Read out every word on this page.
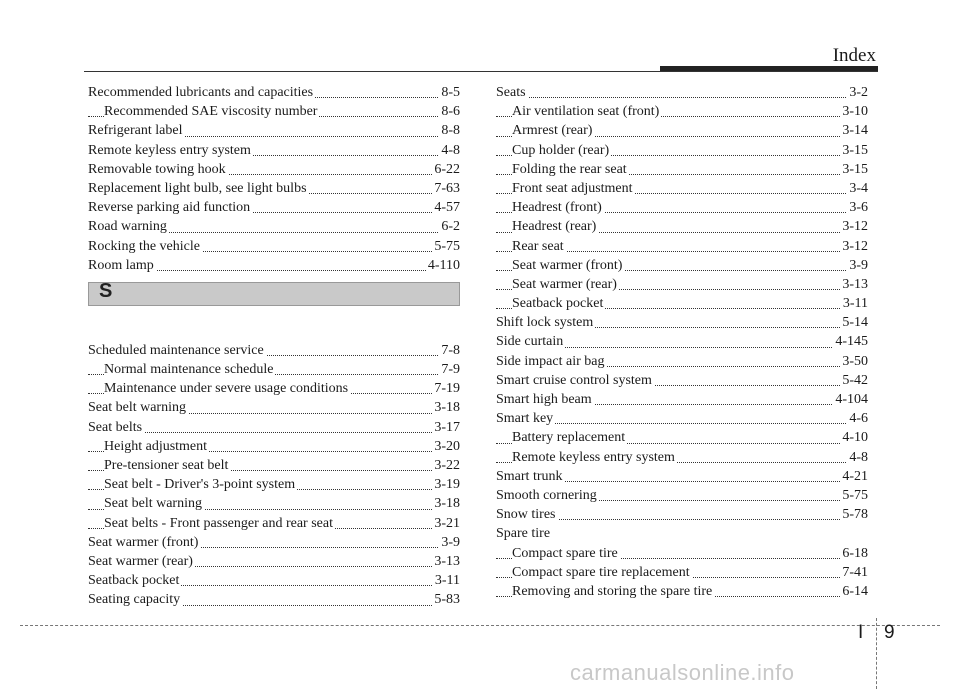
Index
Recommended lubricants and capacities	8-5
Recommended SAE viscosity number	8-6
Refrigerant label	8-8
Remote keyless entry system	4-8
Removable towing hook	6-22
Replacement light bulb, see light bulbs	7-63
Reverse parking aid function	4-57
Road warning	6-2
Rocking the vehicle	5-75
Room lamp	4-110
S
Scheduled maintenance service	7-8
Normal maintenance schedule	7-9
Maintenance under severe usage conditions	7-19
Seat belt warning	3-18
Seat belts	3-17
Height adjustment	3-20
Pre-tensioner seat belt	3-22
Seat belt - Driver's 3-point system	3-19
Seat belt warning	3-18
Seat belts - Front passenger and rear seat	3-21
Seat warmer (front)	3-9
Seat warmer (rear)	3-13
Seatback pocket	3-11
Seating capacity	5-83
Seats	3-2
Air ventilation seat (front)	3-10
Armrest (rear)	3-14
Cup holder (rear)	3-15
Folding the rear seat	3-15
Front seat adjustment	3-4
Headrest (front)	3-6
Headrest (rear)	3-12
Rear seat	3-12
Seat warmer (front)	3-9
Seat warmer (rear)	3-13
Seatback pocket	3-11
Shift lock system	5-14
Side curtain	4-145
Side impact air bag	3-50
Smart cruise control system	5-42
Smart high beam	4-104
Smart key	4-6
Battery replacement	4-10
Remote keyless entry system	4-8
Smart trunk	4-21
Smooth cornering	5-75
Snow tires	5-78
Spare tire
Compact spare tire	6-18
Compact spare tire replacement	7-41
Removing and storing the spare tire	6-14
I 9
carmanualsonline.info
